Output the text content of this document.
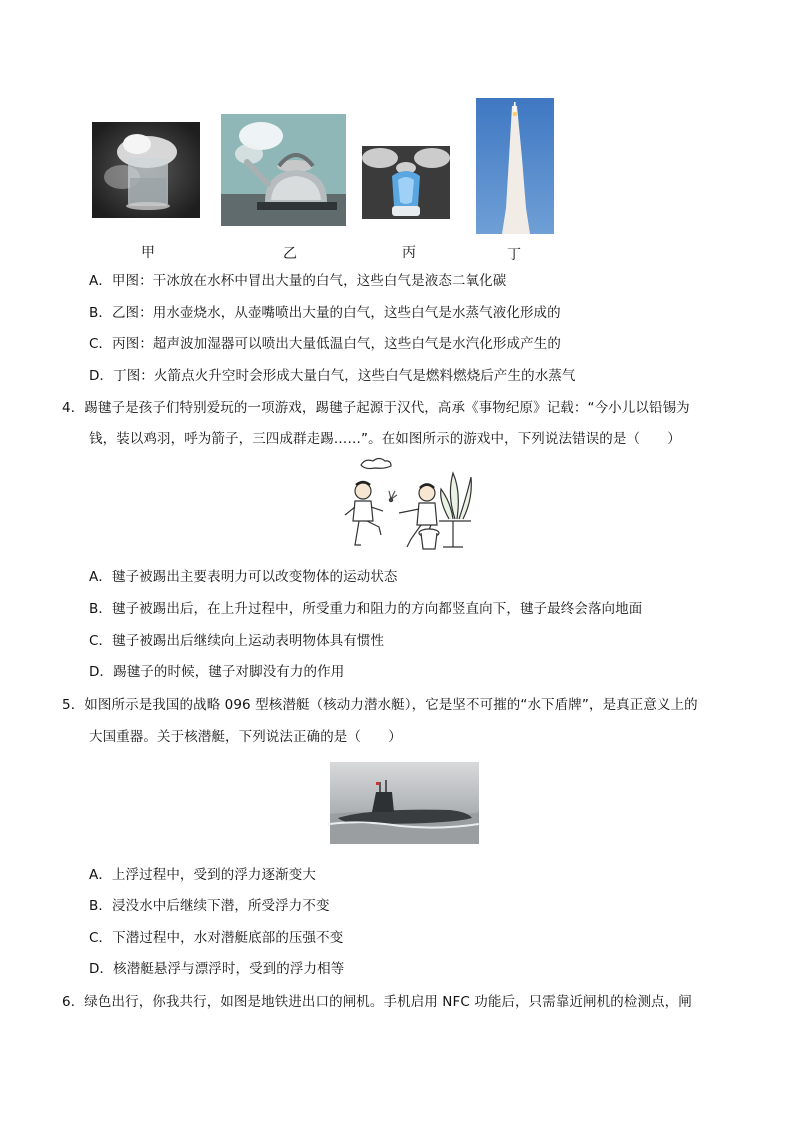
甲	乙	丙	丁
A．甲图：干冰放在水杯中冒出大量的白气，这些白气是液态二氧化碳
B．乙图：用水壶烧水，从壶嘴喷出大量的白气，这些白气是水蒸气液化形成的
C．丙图：超声波加湿器可以喷出大量低温白气，这些白气是水汽化形成产生的
D．丁图：火箭点火升空时会形成大量白气，这些白气是燃料燃烧后产生的水蒸气
4．踢毽子是孩子们特别爱玩的一项游戏，踢毽子起源于汉代，高承《事物纪原》记载：“今小儿以铅锡为
钱，装以鸡羽，呼为箭子，三四成群走踢……”。在如图所示的游戏中，下列说法错误的是（　　）
A．毽子被踢出主要表明力可以改变物体的运动状态
B．毽子被踢出后，在上升过程中，所受重力和阻力的方向都竖直向下，毽子最终会落向地面
C．毽子被踢出后继续向上运动表明物体具有惯性
D．踢毽子的时候，毽子对脚没有力的作用
5．如图所示是我国的战略 096 型核潜艇（核动力潜水艇），它是坚不可摧的“水下盾牌”，是真正意义上的
大国重器。关于核潜艇，下列说法正确的是（　　）
A．上浮过程中，受到的浮力逐渐变大
B．浸没水中后继续下潜，所受浮力不变
C．下潜过程中，水对潜艇底部的压强不变
D．核潜艇悬浮与漂浮时，受到的浮力相等
6．绿色出行，你我共行，如图是地铁进出口的闸机。手机启用 NFC 功能后，只需靠近闸机的检测点，闸
